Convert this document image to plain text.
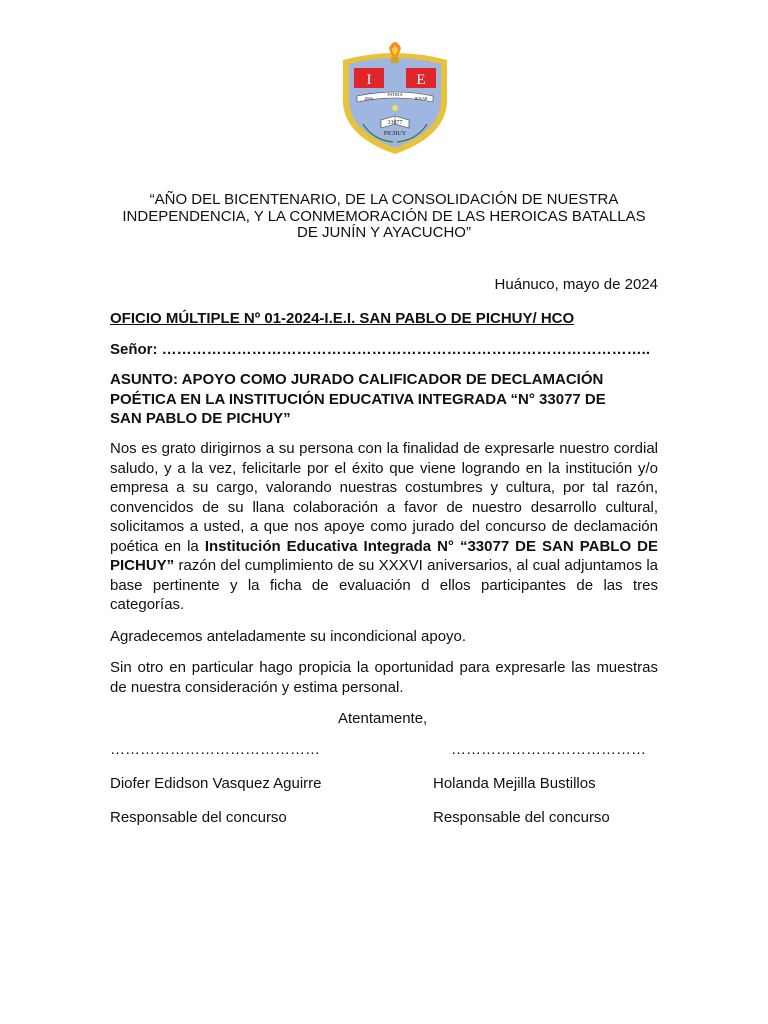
I	E
PATRIA
DIOS	HOGAR
33077
PICHUY
“AÑO DEL BICENTENARIO, DE LA CONSOLIDACIÓN DE NUESTRA INDEPENDENCIA, Y LA CONMEMORACIÓN DE LAS HEROICAS BATALLAS DE JUNÍN Y AYACUCHO”
Huánuco, mayo de 2024
OFICIO MÚLTIPLE Nº 01-2024-I.E.I. SAN PABLO DE PICHUY/ HCO
Señor: ……………………………………………………………………………………..
ASUNTO: APOYO COMO JURADO CALIFICADOR DE DECLAMACIÓN POÉTICA EN LA INSTITUCIÓN EDUCATIVA INTEGRADA “N° 33077 DE SAN PABLO DE PICHUY”
Nos es grato dirigirnos a su persona con la finalidad de expresarle nuestro cordial saludo, y a la vez, felicitarle por el éxito que viene logrando en la institución y/o empresa a su cargo, valorando nuestras costumbres y cultura, por tal razón, convencidos de su llana colaboración a favor de nuestro desarrollo cultural, solicitamos a usted, a que nos apoye como jurado del concurso de declamación poética en la Institución Educativa Integrada N° “33077 DE SAN PABLO DE PICHUY” razón del cumplimiento de su XXXVI aniversarios, al cual adjuntamos la base pertinente y la ficha de evaluación d ellos participantes de las tres categorías.
Agradecemos anteladamente su incondicional apoyo.
Sin otro en particular hago propicia la oportunidad para expresarle las muestras de nuestra consideración y estima personal.
Atentamente,
……………………………………
Diofer Edidson Vasquez Aguirre
Responsable del concurso
…………………………………
Holanda Mejilla Bustillos
Responsable del concurso
